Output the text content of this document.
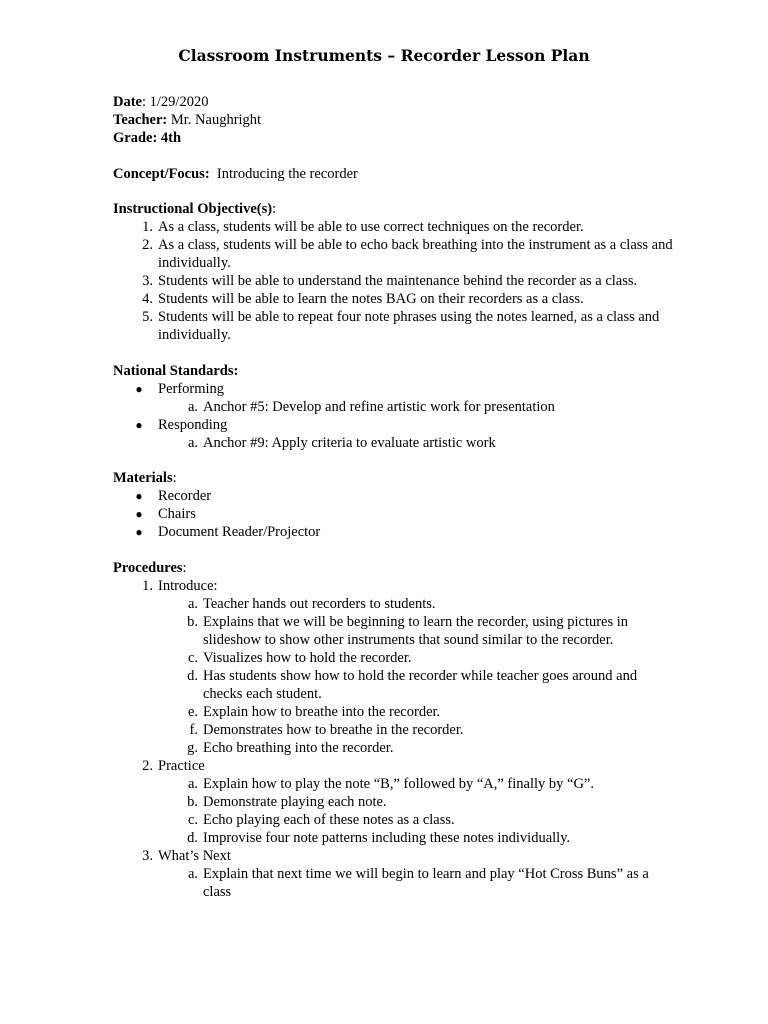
Classroom Instruments – Recorder Lesson Plan
Date: 1/29/2020
Teacher: Mr. Naughright
Grade: 4th
Concept/Focus: Introducing the recorder
Instructional Objective(s):
1. As a class, students will be able to use correct techniques on the recorder.
2. As a class, students will be able to echo back breathing into the instrument as a class and individually.
3. Students will be able to understand the maintenance behind the recorder as a class.
4. Students will be able to learn the notes BAG on their recorders as a class.
5. Students will be able to repeat four note phrases using the notes learned, as a class and individually.
National Standards:
● Performing
a. Anchor #5: Develop and refine artistic work for presentation
● Responding
a. Anchor #9: Apply criteria to evaluate artistic work
Materials:
● Recorder
● Chairs
● Document Reader/Projector
Procedures:
1. Introduce:
a. Teacher hands out recorders to students.
b. Explains that we will be beginning to learn the recorder, using pictures in slideshow to show other instruments that sound similar to the recorder.
c. Visualizes how to hold the recorder.
d. Has students show how to hold the recorder while teacher goes around and checks each student.
e. Explain how to breathe into the recorder.
f. Demonstrates how to breathe in the recorder.
g. Echo breathing into the recorder.
2. Practice
a. Explain how to play the note “B,” followed by “A,” finally by “G”.
b. Demonstrate playing each note.
c. Echo playing each of these notes as a class.
d. Improvise four note patterns including these notes individually.
3. What’s Next
a. Explain that next time we will begin to learn and play “Hot Cross Buns” as a class
